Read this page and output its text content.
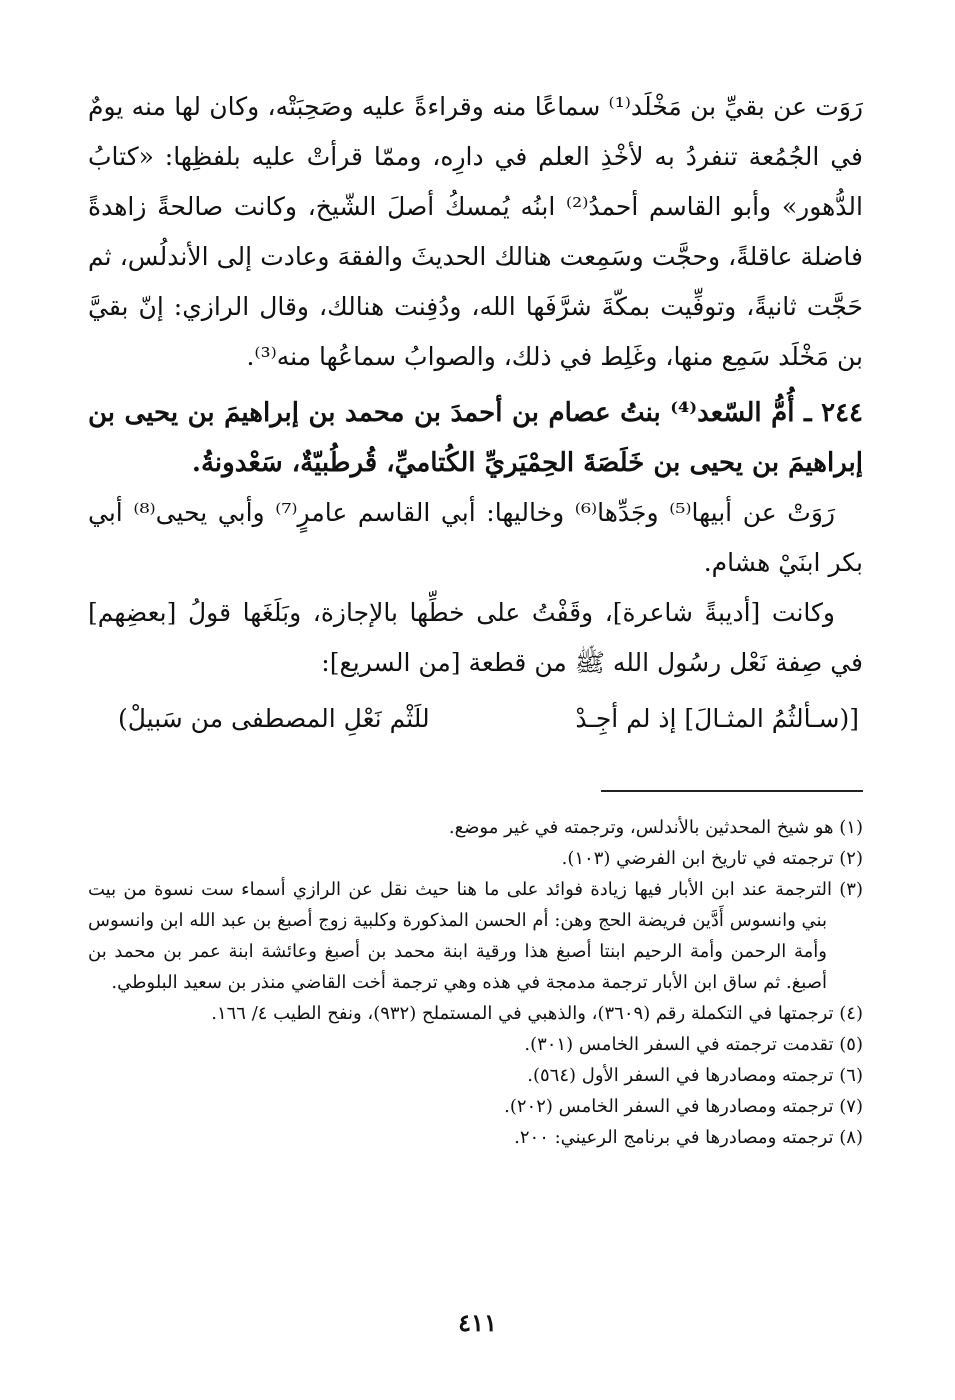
رَوَت عن بقيِّ بن مَخْلَد⁽¹⁾ سماعًا منه وقراءةً عليه وصَحِبَتْه، وكان لها منه يومٌ في الجُمُعة تنفردُ به لأخْذِ العلم في دارِه، وممّا قرأتْ عليه بلفظِها: «كتابُ الدُّهور» وأبو القاسم أحمدُ⁽²⁾ ابنُه يُمسكُ أصلَ الشّيخ، وكانت صالحةً زاهدةً فاضلة عاقلةً، وحجَّت وسَمِعت هنالك الحديثَ والفقهَ وعادت إلى الأندلُس، ثم حَجَّت ثانيةً، وتوفِّيت بمكّةَ شرَّفَها الله، ودُفِنت هنالك، وقال الرازي: إنّ بقيَّ بن مَخْلَد سَمِع منها، وغَلِط في ذلك، والصوابُ سماعُها منه⁽³⁾.

٢٤٤ ـ أُمُّ السّعد⁽⁴⁾ بنتُ عصام بن أحمدَ بن محمد بن إبراهيمَ بن يحيى بن إبراهيمَ بن يحيى بن خَلَصَةَ الحِمْيَريِّ الكُتاميِّ، قُرطُبيّةٌ، سَعْدونةُ.

رَوَتْ عن أبيها⁽⁵⁾ وجَدِّها⁽⁶⁾ وخاليها: أبي القاسم عامرٍ⁽⁷⁾ وأبي يحيى⁽⁸⁾ أبي بكر ابنَيْ هشام.

وكانت [أديبةً شاعرة]، وقَفْتُ على خطِّها بالإجازة، وبَلَغَها قولُ [بعضِهم] في صِفة نَعْل رسُول الله ﷺ من قطعة [من السريع]:

[(سـألثُمُ المثـالَ] إذ لم أجِـدْ
للَثْم نَعْلِ المصطفى من سَبيلْ)

(١) هو شيخ المحدثين بالأندلس، وترجمته في غير موضع.

(٢) ترجمته في تاريخ ابن الفرضي (١٠٣).

(٣) الترجمة عند ابن الأبار فيها زيادة فوائد على ما هنا حيث نقل عن الرازي أسماء ست نسوة من بيت بني وانسوس أَدَّين فريضة الحج وهن: أم الحسن المذكورة وكلبية زوج أصبغ بن عبد الله ابن وانسوس وأمة الرحمن وأمة الرحيم ابنتا أصبغ هذا ورقية ابنة محمد بن أصبغ وعائشة ابنة عمر بن محمد بن أصبغ. ثم ساق ابن الأبار ترجمة مدمجة في هذه وهي ترجمة أخت القاضي منذر بن سعيد البلوطي.

(٤) ترجمتها في التكملة رقم (٣٦٠٩)، والذهبي في المستملح (٩٣٢)، ونفح الطيب ٤/ ١٦٦.

(٥) تقدمت ترجمته في السفر الخامس (٣٠١).

(٦) ترجمته ومصادرها في السفر الأول (٥٦٤).

(٧) ترجمته ومصادرها في السفر الخامس (٢٠٢).

(٨) ترجمته ومصادرها في برنامج الرعيني: ٢٠٠.

٤١١
